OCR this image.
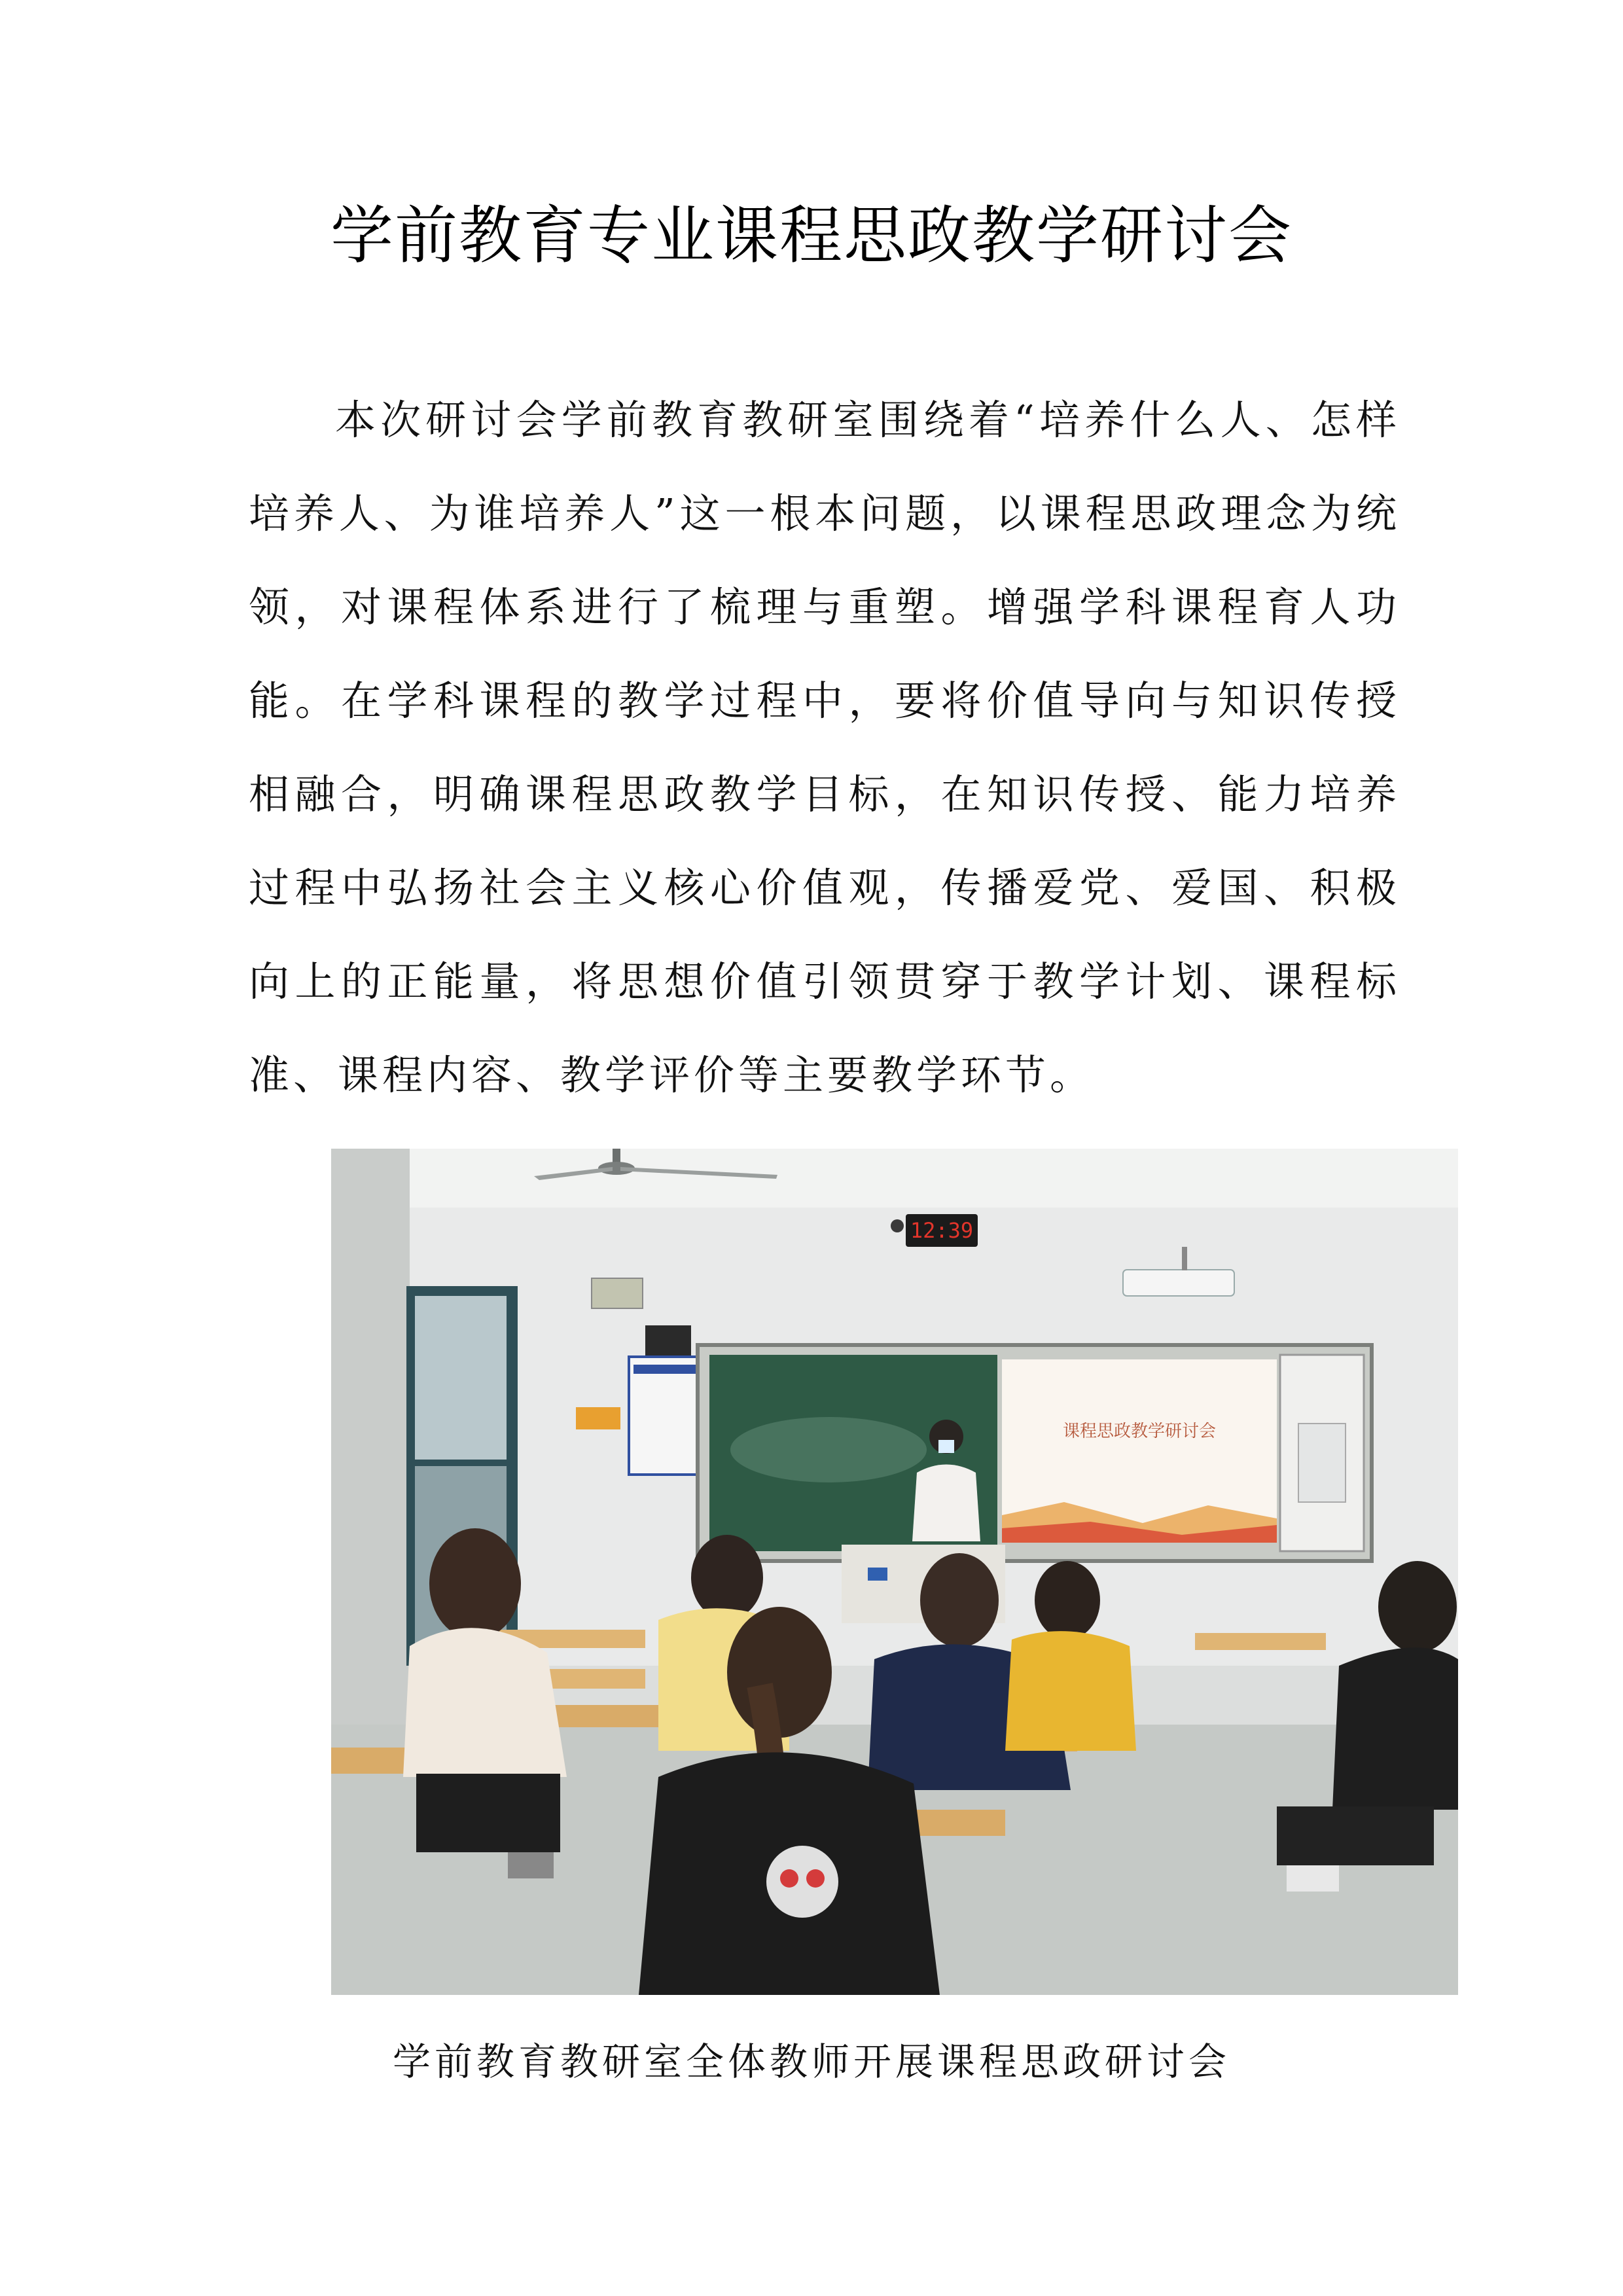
学前教育专业课程思政教学研讨会

本次研讨会学前教育教研室围绕着“培养什么人、怎样培养人、为谁培养人”这一根本问题，以课程思政理念为统领，对课程体系进行了梳理与重塑。增强学科课程育人功能。在学科课程的教学过程中，要将价值导向与知识传授相融合，明确课程思政教学目标，在知识传授、能力培养过程中弘扬社会主义核心价值观，传播爱党、爱国、积极向上的正能量，将思想价值引领贯穿于教学计划、课程标准、课程内容、教学评价等主要教学环节。

12:39
课程思政教学研讨会

学前教育教研室全体教师开展课程思政研讨会
